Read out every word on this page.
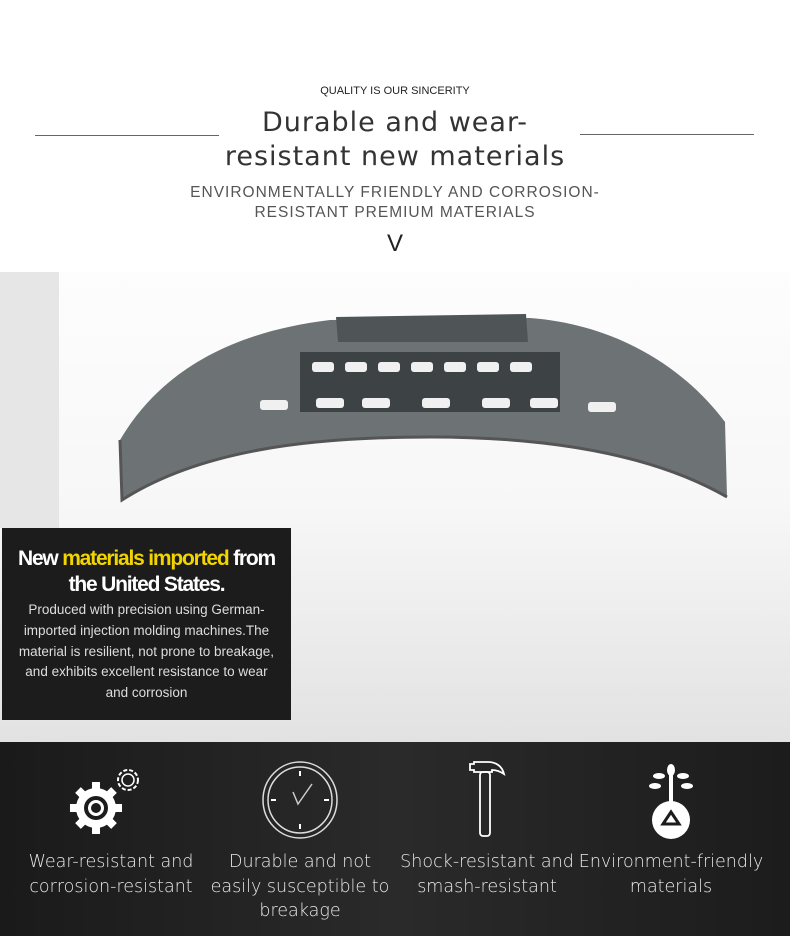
QUALITY IS OUR SINCERITY
Durable and wear-
resistant new materials
ENVIRONMENTALLY FRIENDLY AND CORROSION-
RESISTANT PREMIUM MATERIALS
V
New materials imported from
the United States.

Produced with precision using German-imported injection molding machines.The material is resilient, not prone to breakage, and exhibits excellent resistance to wear and corrosion

Wear-resistant and corrosion-resistant
Durable and not easily susceptible to breakage
Shock-resistant and smash-resistant
Environment-friendly materials
